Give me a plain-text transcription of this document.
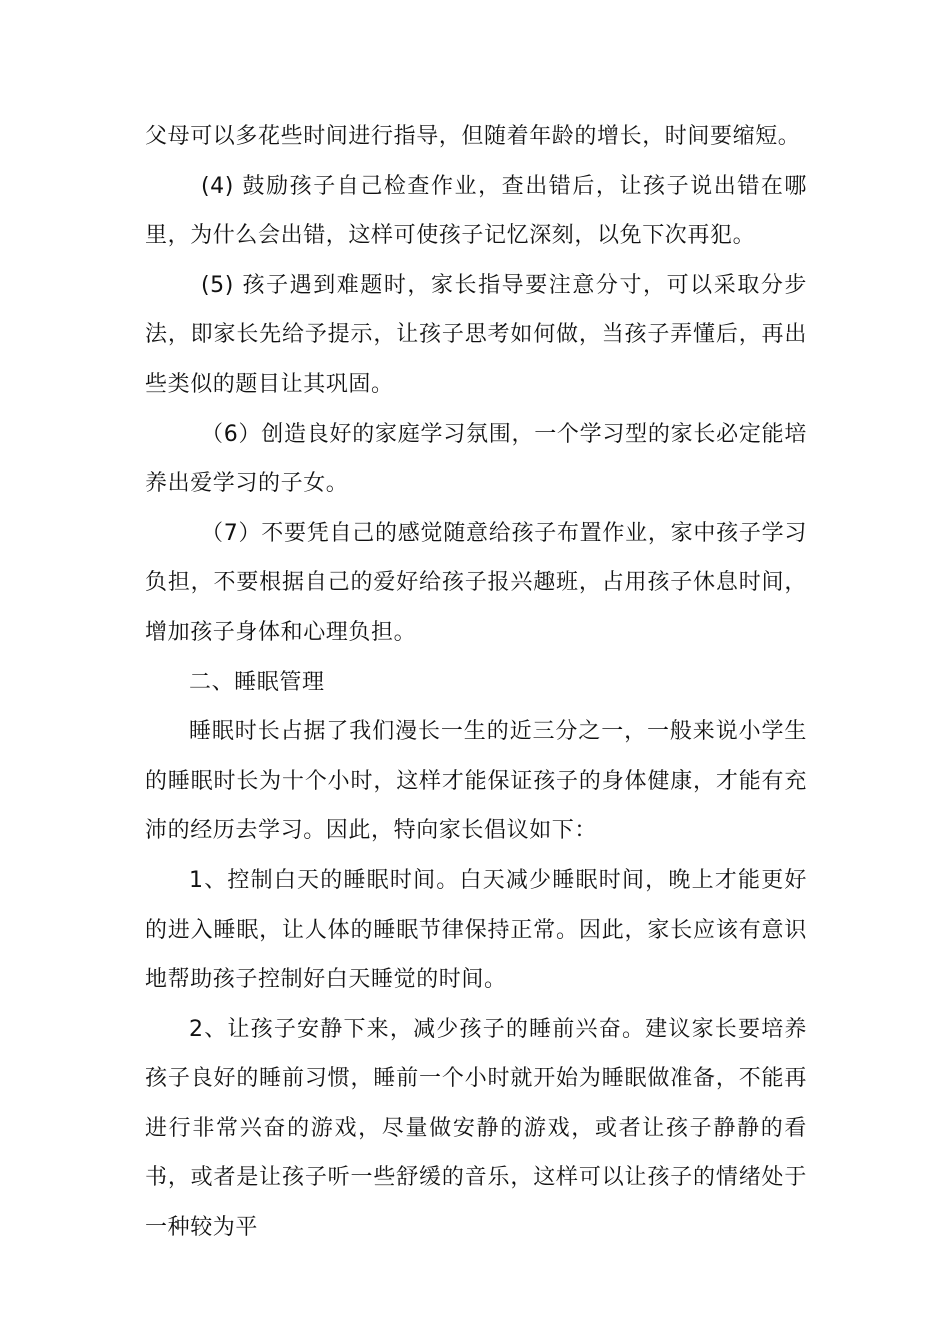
父母可以多花些时间进行指导，但随着年龄的增长，时间要缩短。

(4) 鼓励孩子自己检查作业，查出错后，让孩子说出错在哪里，为什么会出错，这样可使孩子记忆深刻，以免下次再犯。

(5) 孩子遇到难题时，家长指导要注意分寸，可以采取分步法，即家长先给予提示，让孩子思考如何做，当孩子弄懂后，再出些类似的题目让其巩固。

（6）创造良好的家庭学习氛围，一个学习型的家长必定能培养出爱学习的子女。

（7）不要凭自己的感觉随意给孩子布置作业，家中孩子学习负担，不要根据自己的爱好给孩子报兴趣班，占用孩子休息时间，增加孩子身体和心理负担。

二、睡眠管理

睡眠时长占据了我们漫长一生的近三分之一，一般来说小学生的睡眠时长为十个小时，这样才能保证孩子的身体健康，才能有充沛的经历去学习。因此，特向家长倡议如下：

1、控制白天的睡眠时间。白天减少睡眠时间，晚上才能更好的进入睡眠，让人体的睡眠节律保持正常。因此，家长应该有意识地帮助孩子控制好白天睡觉的时间。

2、让孩子安静下来，减少孩子的睡前兴奋。建议家长要培养孩子良好的睡前习惯，睡前一个小时就开始为睡眠做准备，不能再进行非常兴奋的游戏，尽量做安静的游戏，或者让孩子静静的看书，或者是让孩子听一些舒缓的音乐，这样可以让孩子的情绪处于一种较为平
